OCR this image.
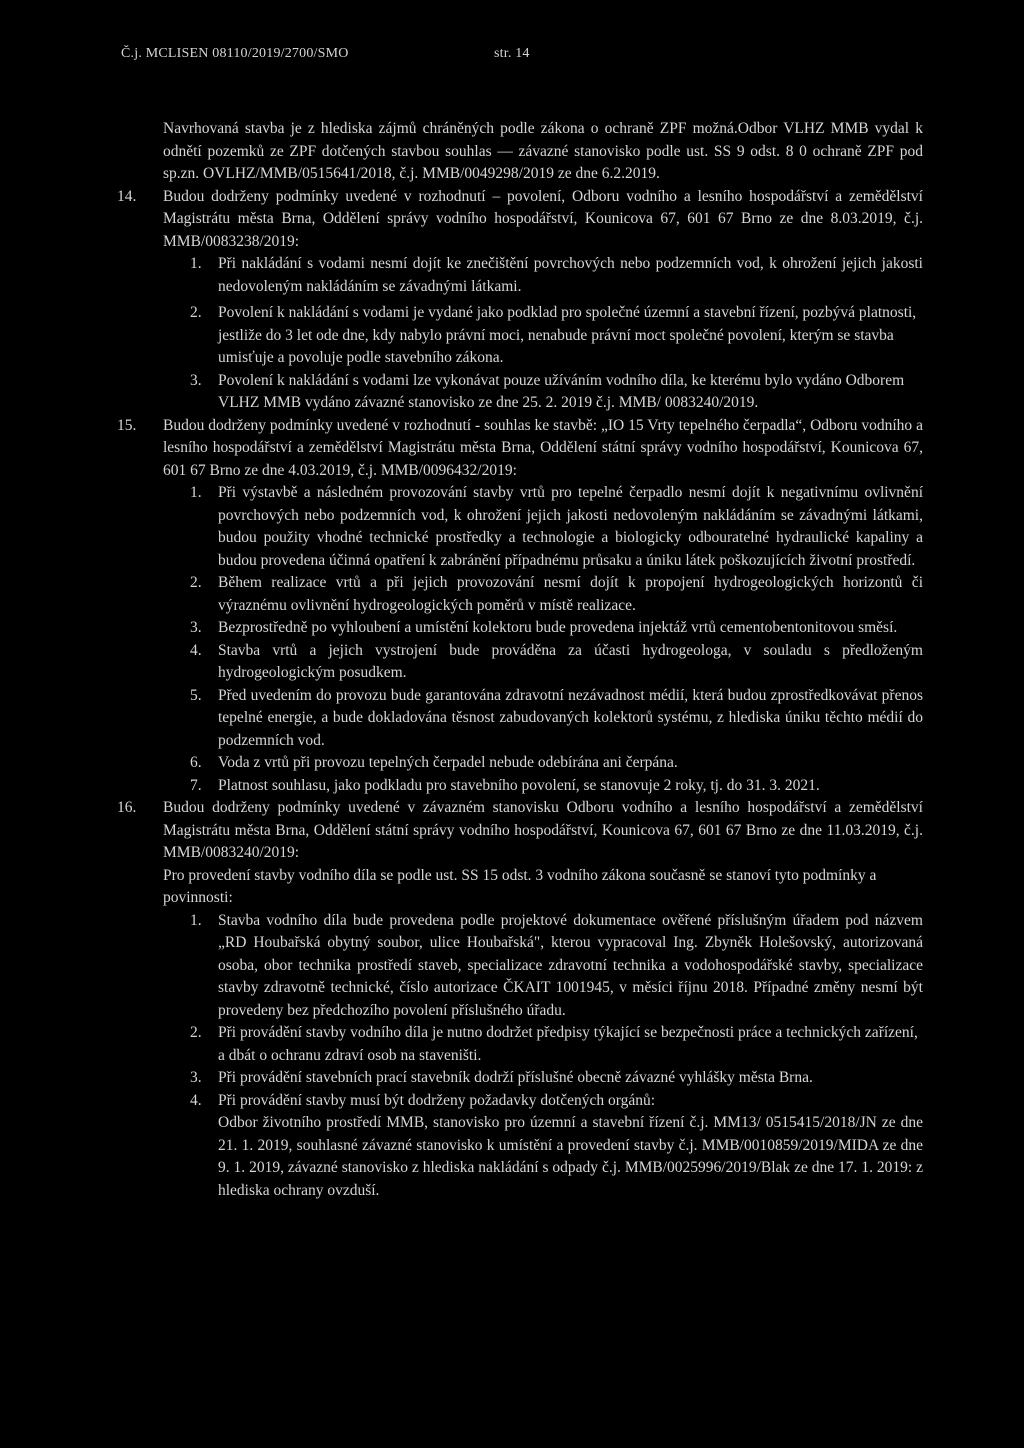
Č.j. MCLISEN 08110/2019/2700/SMO	str. 14

Navrhovaná stavba je z hlediska zájmů chráněných podle zákona o ochraně ZPF možná.Odbor VLHZ MMB vydal k odnětí pozemků ze ZPF dotčených stavbou souhlas — závazné stanovisko podle ust. SS 9 odst. 8 0 ochraně ZPF pod sp.zn. OVLHZ/MMB/0515641/2018, č.j. MMB/0049298/2019 ze dne 6.2.2019.

14. Budou dodrženy podmínky uvedené v rozhodnutí – povolení, Odboru vodního a lesního hospodářství a zemědělství Magistrátu města Brna, Oddělení správy vodního hospodářství, Kounicova 67, 601 67 Brno ze dne 8.03.2019, č.j. MMB/0083238/2019:

1. Při nakládání s vodami nesmí dojít ke znečištění povrchových nebo podzemních vod, k ohrožení jejich jakosti nedovoleným nakládáním se závadnými látkami.

2. Povolení k nakládání s vodami je vydané jako podklad pro společné územní a stavební řízení, pozbývá platnosti, jestliže do 3 let ode dne, kdy nabylo právní moci, nenabude právní moct společné povolení, kterým se stavba umisťuje a povoluje podle stavebního zákona.

3. Povolení k nakládání s vodami lze vykonávat pouze užíváním vodního díla, ke kterému bylo vydáno Odborem VLHZ MMB vydáno závazné stanovisko ze dne 25. 2. 2019 č.j. MMB/ 0083240/2019.

15. Budou dodrženy podmínky uvedené v rozhodnutí - souhlas ke stavbě: „IO 15 Vrty tepelného čerpadla“, Odboru vodního a lesního hospodářství a zemědělství Magistrátu města Brna, Oddělení státní správy vodního hospodářství, Kounicova 67, 601 67 Brno ze dne 4.03.2019, č.j. MMB/0096432/2019:

1. Při výstavbě a následném provozování stavby vrtů pro tepelné čerpadlo nesmí dojít k negativnímu ovlivnění povrchových nebo podzemních vod, k ohrožení jejich jakosti nedovoleným nakládáním se závadnými látkami, budou použity vhodné technické prostředky a technologie a biologicky odbouratelné hydraulické kapaliny a budou provedena účinná opatření k zabránění případnému průsaku a úniku látek poškozujících životní prostředí.

2. Během realizace vrtů a při jejich provozování nesmí dojít k propojení hydrogeologických horizontů či výraznému ovlivnění hydrogeologických poměrů v místě realizace.

3. Bezprostředně po vyhloubení a umístění kolektoru bude provedena injektáž vrtů cementobentonitovou směsí.

4. Stavba vrtů a jejich vystrojení bude prováděna za účasti hydrogeologa, v souladu s předloženým hydrogeologickým posudkem.

5. Před uvedením do provozu bude garantována zdravotní nezávadnost médií, která budou zprostředkovávat přenos tepelné energie, a bude dokladována těsnost zabudovaných kolektorů systému, z hlediska úniku těchto médií do podzemních vod.

6. Voda z vrtů při provozu tepelných čerpadel nebude odebírána ani čerpána.

7. Platnost souhlasu, jako podkladu pro stavebního povolení, se stanovuje 2 roky, tj. do 31. 3. 2021.

16. Budou dodrženy podmínky uvedené v závazném stanovisku Odboru vodního a lesního hospodářství a zemědělství Magistrátu města Brna, Oddělení státní správy vodního hospodářství, Kounicova 67, 601 67 Brno ze dne 11.03.2019, č.j. MMB/0083240/2019:

Pro provedení stavby vodního díla se podle ust. SS 15 odst. 3 vodního zákona současně se stanoví tyto podmínky a povinnosti:

1. Stavba vodního díla bude provedena podle projektové dokumentace ověřené příslušným úřadem pod názvem „RD Houbařská obytný soubor, ulice Houbařská", kterou vypracoval Ing. Zbyněk Holešovský, autorizovaná osoba, obor technika prostředí staveb, specializace zdravotní technika a vodohospodářské stavby, specializace stavby zdravotně technické, číslo autorizace ČKAIT 1001945, v měsíci říjnu 2018. Případné změny nesmí být provedeny bez předchozího povolení příslušného úřadu.

2. Při provádění stavby vodního díla je nutno dodržet předpisy týkající se bezpečnosti práce a technických zařízení, a dbát o ochranu zdraví osob na staveništi.

3. Při provádění stavebních prací stavebník dodrží příslušné obecně závazné vyhlášky města Brna.

4. Při provádění stavby musí být dodrženy požadavky dotčených orgánů:

Odbor životního prostředí MMB, stanovisko pro územní a stavební řízení č.j. MM13/ 0515415/2018/JN ze dne 21. 1. 2019, souhlasné závazné stanovisko k umístění a provedení stavby č.j. MMB/0010859/2019/MIDA ze dne 9. 1. 2019, závazné stanovisko z hlediska nakládání s odpady č.j. MMB/0025996/2019/Blak ze dne 17. 1. 2019: z hlediska ochrany ovzduší.
